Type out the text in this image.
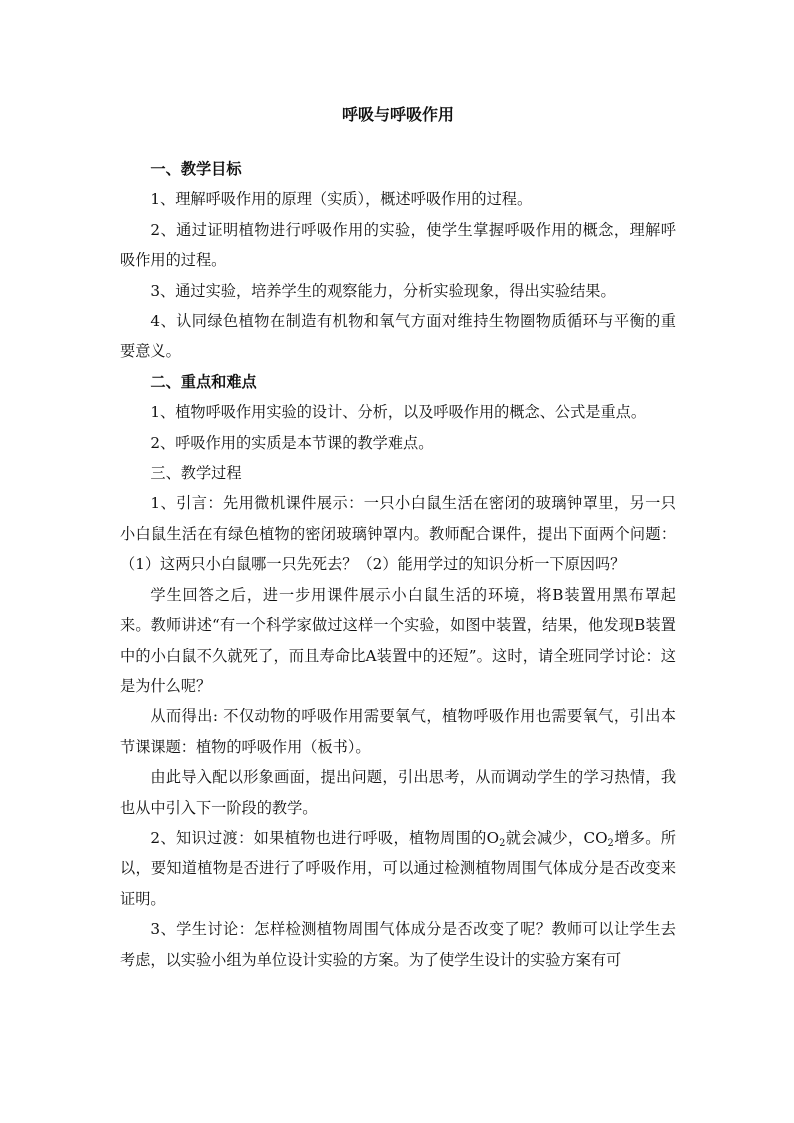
呼吸与呼吸作用

一、教学目标

1、理解呼吸作用的原理（实质），概述呼吸作用的过程。

2、通过证明植物进行呼吸作用的实验，使学生掌握呼吸作用的概念，理解呼吸作用的过程。

3、通过实验，培养学生的观察能力，分析实验现象，得出实验结果。

4、认同绿色植物在制造有机物和氧气方面对维持生物圈物质循环与平衡的重要意义。

二、重点和难点

1、植物呼吸作用实验的设计、分析，以及呼吸作用的概念、公式是重点。

2、呼吸作用的实质是本节课的教学难点。

三、教学过程

1、引言：先用微机课件展示：一只小白鼠生活在密闭的玻璃钟罩里，另一只小白鼠生活在有绿色植物的密闭玻璃钟罩内。教师配合课件，提出下面两个问题：（1）这两只小白鼠哪一只先死去？（2）能用学过的知识分析一下原因吗？

学生回答之后，进一步用课件展示小白鼠生活的环境，将B装置用黑布罩起来。教师讲述“有一个科学家做过这样一个实验，如图中装置，结果，他发现B装置中的小白鼠不久就死了，而且寿命比A装置中的还短”。这时，请全班同学讨论：这是为什么呢？

从而得出: 不仅动物的呼吸作用需要氧气，植物呼吸作用也需要氧气，引出本节课课题：植物的呼吸作用（板书）。

由此导入配以形象画面，提出问题，引出思考，从而调动学生的学习热情，我也从中引入下一阶段的教学。

2、知识过渡：如果植物也进行呼吸，植物周围的$O_2$就会减少，$CO_2$增多。所以，要知道植物是否进行了呼吸作用，可以通过检测植物周围气体成分是否改变来证明。

3、学生讨论：怎样检测植物周围气体成分是否改变了呢？教师可以让学生去考虑，以实验小组为单位设计实验的方案。为了使学生设计的实验方案有可
